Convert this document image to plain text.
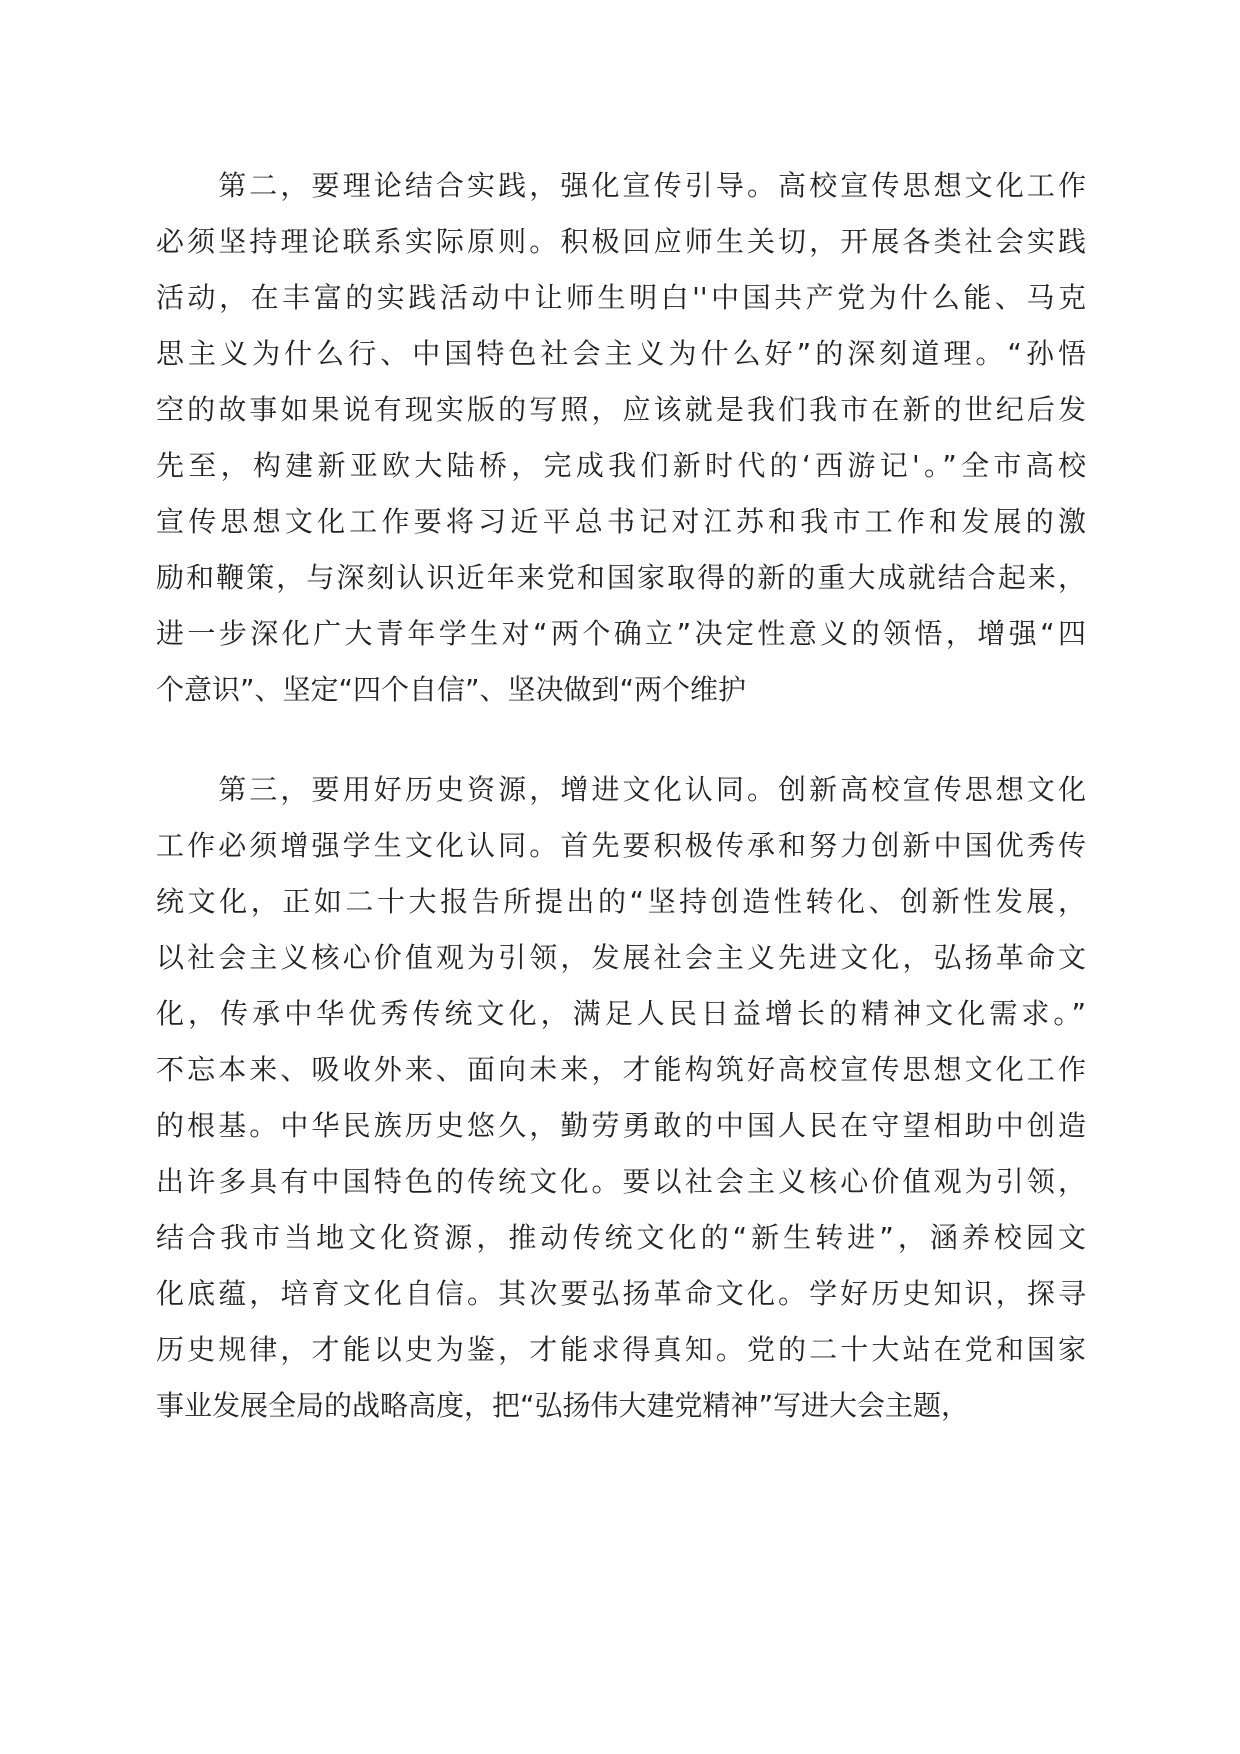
　　第二，要理论结合实践，强化宣传引导。高校宣传思想文化工作
必须坚持理论联系实际原则。积极回应师生关切，开展各类社会实践
活动，在丰富的实践活动中让师生明白''中国共产党为什么能、马克
思主义为什么行、中国特色社会主义为什么好”的深刻道理。“孙悟
空的故事如果说有现实版的写照，应该就是我们我市在新的世纪后发
先至，构建新亚欧大陆桥，完成我们新时代的‘西游记'。”全市高校
宣传思想文化工作要将习近平总书记对江苏和我市工作和发展的激
励和鞭策，与深刻认识近年来党和国家取得的新的重大成就结合起来，
进一步深化广大青年学生对“两个确立”决定性意义的领悟，增强“四
个意识”、坚定“四个自信”、坚决做到“两个维护
　　第三，要用好历史资源，增进文化认同。创新高校宣传思想文化
工作必须增强学生文化认同。首先要积极传承和努力创新中国优秀传
统文化，正如二十大报告所提出的“坚持创造性转化、创新性发展，
以社会主义核心价值观为引领，发展社会主义先进文化，弘扬革命文
化，传承中华优秀传统文化，满足人民日益增长的精神文化需求。”
不忘本来、吸收外来、面向未来，才能构筑好高校宣传思想文化工作
的根基。中华民族历史悠久，勤劳勇敢的中国人民在守望相助中创造
出许多具有中国特色的传统文化。要以社会主义核心价值观为引领，
结合我市当地文化资源，推动传统文化的“新生转进”，涵养校园文
化底蕴，培育文化自信。其次要弘扬革命文化。学好历史知识，探寻
历史规律，才能以史为鉴，才能求得真知。党的二十大站在党和国家
事业发展全局的战略高度，把“弘扬伟大建党精神”写进大会主题，
